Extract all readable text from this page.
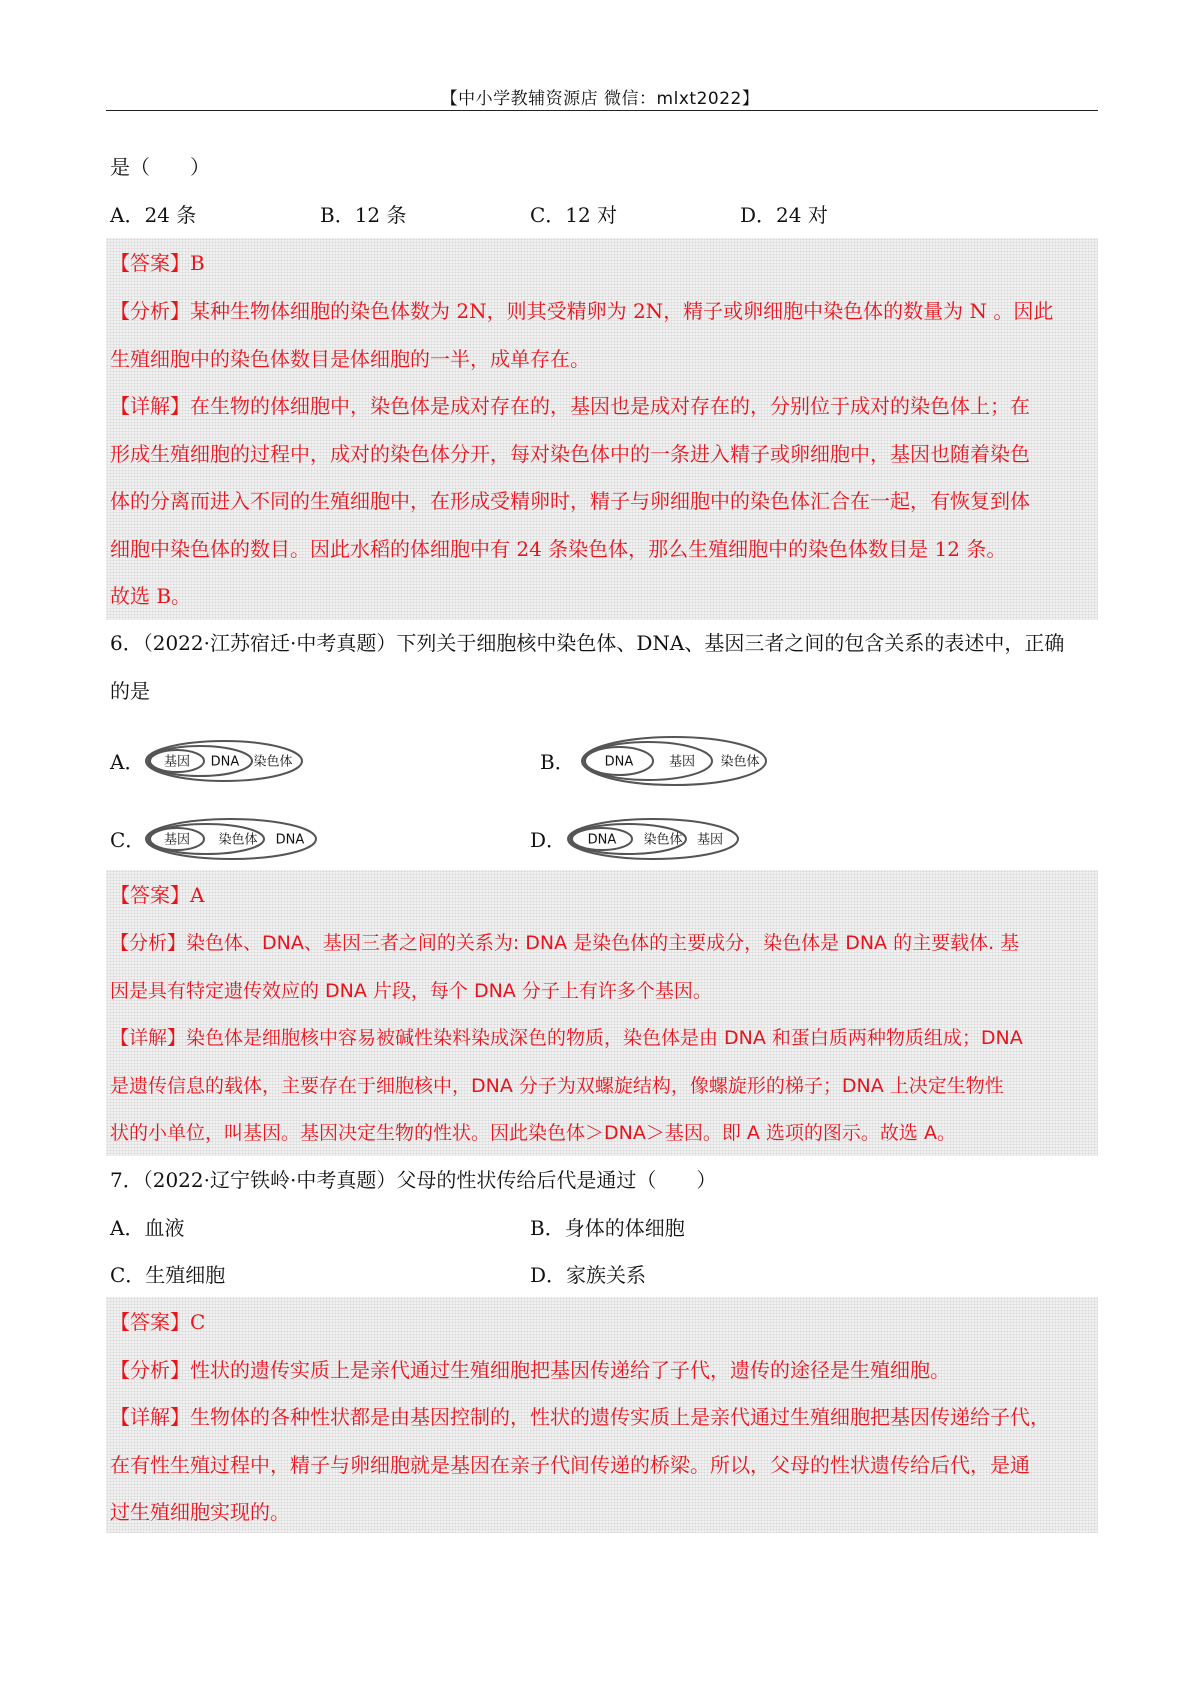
【中小学教辅资源店 微信：mlxt2022】
是（　　）
A．24 条	B．12 条	C．12 对	D．24 对
【答案】B
【分析】某种生物体细胞的染色体数为 2N，则其受精卵为 2N，精子或卵细胞中染色体的数量为 N 。因此
生殖细胞中的染色体数目是体细胞的一半，成单存在。
【详解】在生物的体细胞中，染色体是成对存在的，基因也是成对存在的，分别位于成对的染色体上；在
形成生殖细胞的过程中，成对的染色体分开，每对染色体中的一条进入精子或卵细胞中，基因也随着染色
体的分离而进入不同的生殖细胞中，在形成受精卵时，精子与卵细胞中的染色体汇合在一起，有恢复到体
细胞中染色体的数目。因此水稻的体细胞中有 24 条染色体，那么生殖细胞中的染色体数目是 12 条。
故选 B。
6．（2022·江苏宿迁·中考真题）下列关于细胞核中染色体、DNA、基因三者之间的包含关系的表述中，正确
的是
A． 基因 DNA 染色体	B． DNA	基因 染色体
C． 基因 染色体 DNA	D． DNA 染色体 基因
【答案】A
【分析】染色体、DNA、基因三者之间的关系为: DNA 是染色体的主要成分，染色体是 DNA 的主要载体. 基
因是具有特定遗传效应的 DNA 片段，每个 DNA 分子上有许多个基因。
【详解】染色体是细胞核中容易被碱性染料染成深色的物质，染色体是由 DNA 和蛋白质两种物质组成；DNA
是遗传信息的载体，主要存在于细胞核中，DNA 分子为双螺旋结构，像螺旋形的梯子；DNA 上决定生物性
状的小单位，叫基因。基因决定生物的性状。因此染色体＞DNA＞基因。即 A 选项的图示。故选 A。
7．（2022·辽宁铁岭·中考真题）父母的性状传给后代是通过（　　）
A．血液	B．身体的体细胞
C．生殖细胞	D．家族关系
【答案】C
【分析】性状的遗传实质上是亲代通过生殖细胞把基因传递给了子代，遗传的途径是生殖细胞。
【详解】生物体的各种性状都是由基因控制的，性状的遗传实质上是亲代通过生殖细胞把基因传递给子代，
在有性生殖过程中，精子与卵细胞就是基因在亲子代间传递的桥梁。所以，父母的性状遗传给后代，是通
过生殖细胞实现的。
